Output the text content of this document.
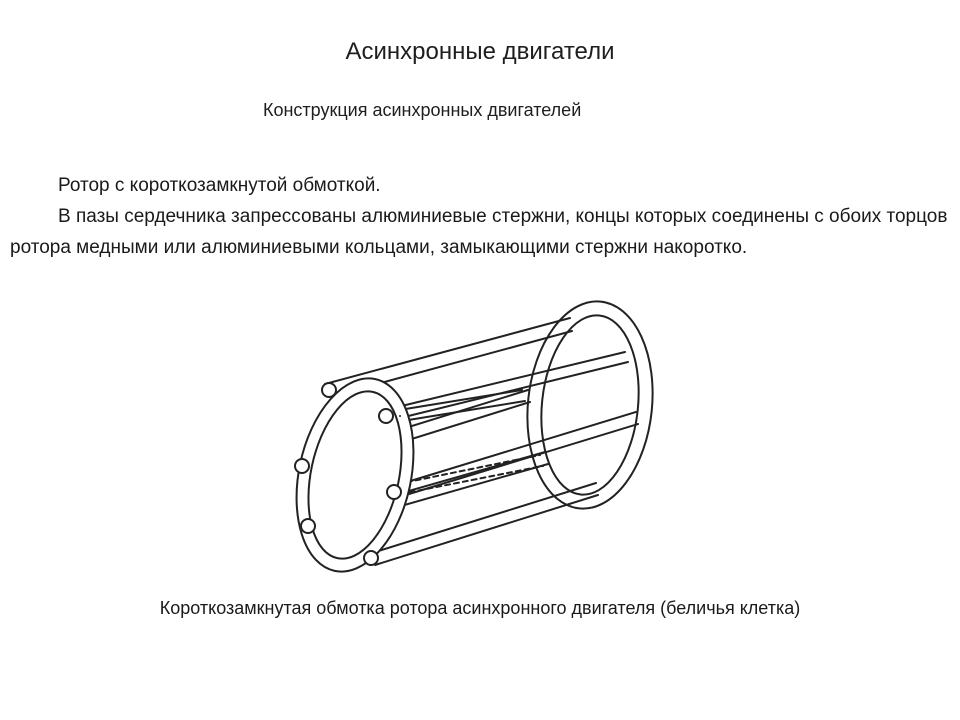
Асинхронные двигатели
Конструкция асинхронных двигателей

Ротор с короткозамкнутой обмоткой.

В пазы сердечника запрессованы алюминиевые стержни, концы которых соединены с обоих торцов ротора медными или алюминиевыми кольцами, замыкающими стержни накоротко.

Короткозамкнутая обмотка ротора асинхронного двигателя (беличья клетка)
